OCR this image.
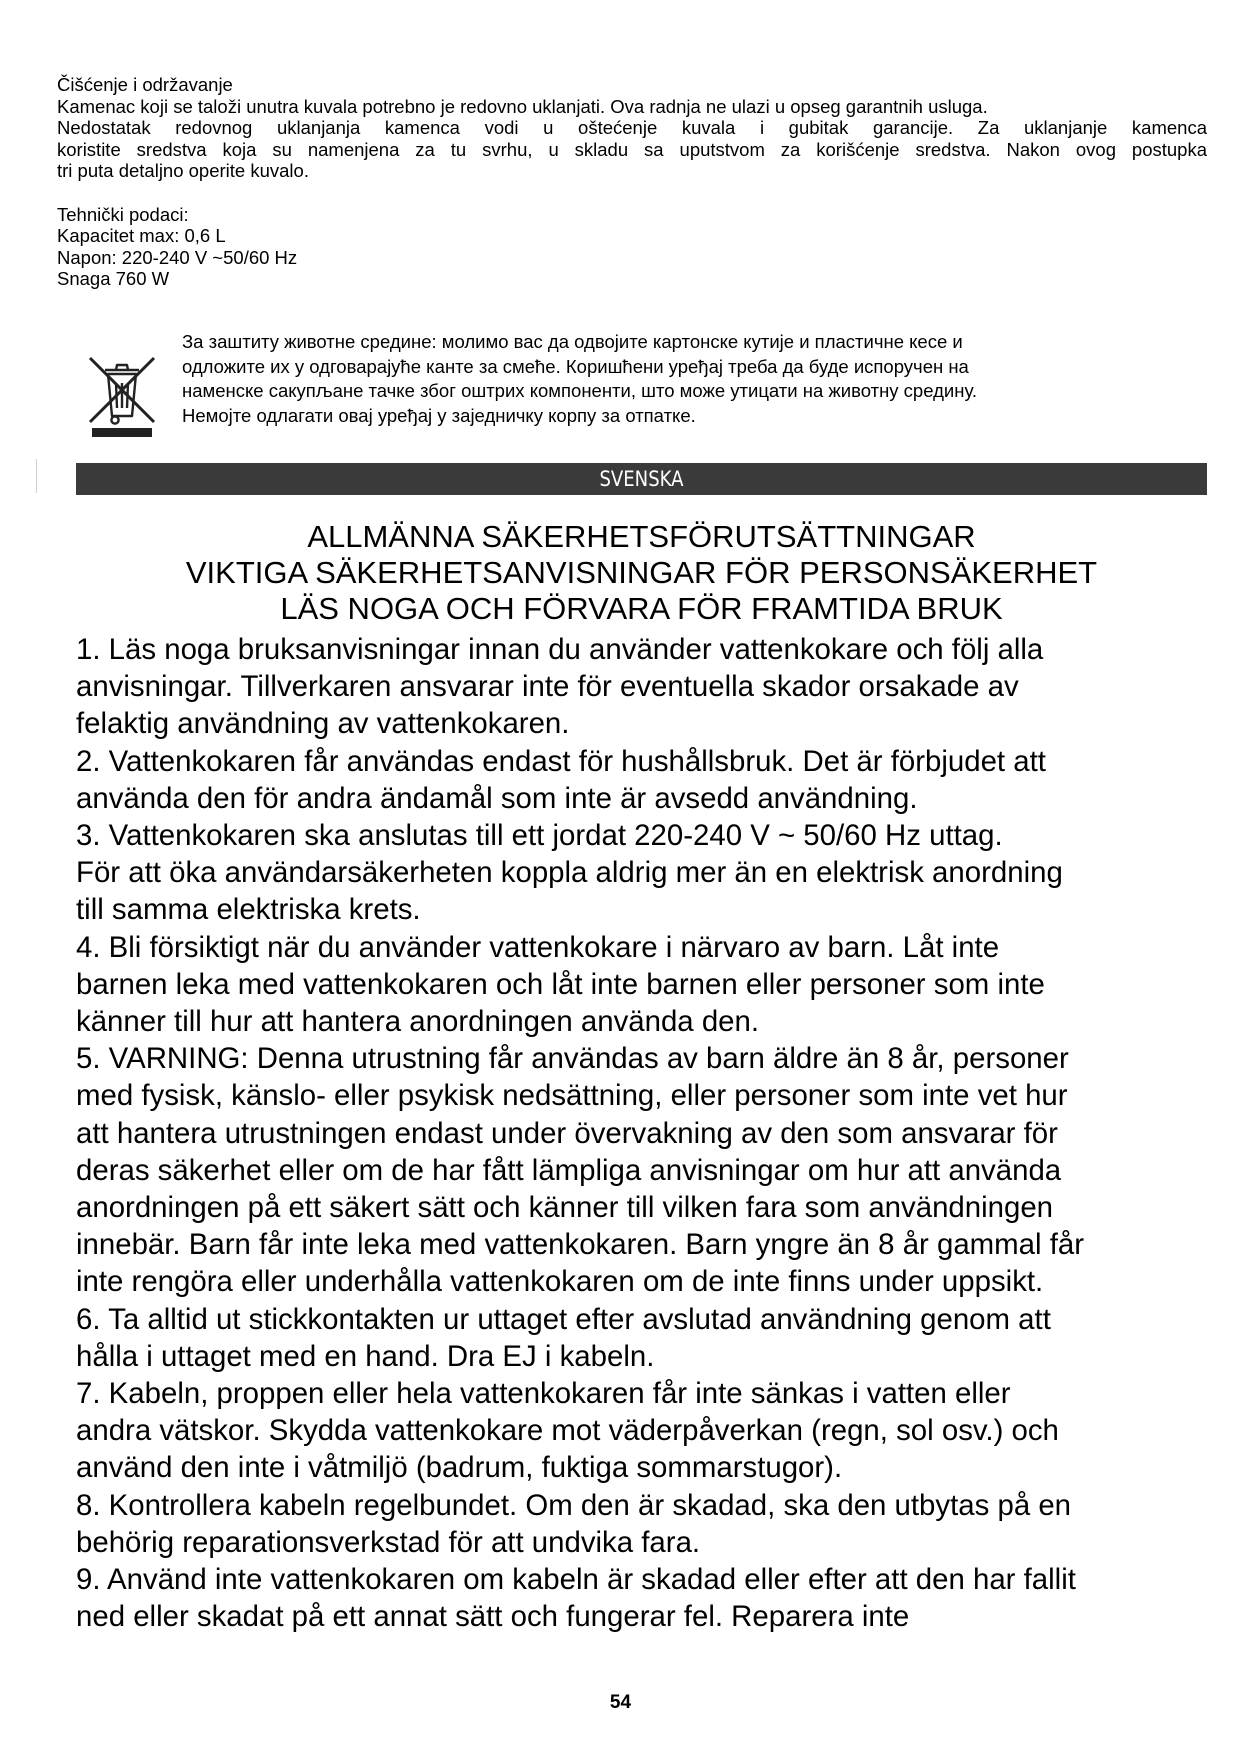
Čišćenje i održavanje

Kamenac koji se taloži unutra kuvala potrebno je redovno uklanjati. Ova radnja ne ulazi u opseg garantnih usluga.

Nedostatak redovnog uklanjanja kamenca vodi u oštećenje kuvala i gubitak garancije. Za uklanjanje kamenca

koristite sredstva koja su namenjena za tu svrhu, u skladu sa uputstvom za korišćenje sredstva. Nakon ovog postupka

tri puta detaljno operite kuvalo.

Tehnički podaci:

Kapacitet max: 0,6 L

Napon: 220-240 V ~50/60 Hz

Snaga 760 W

За заштиту животне средине: молимо вас да одвојите картонске кутије и пластичне кесе и

одложите их у одговарајуће канте за смеће. Коришћени уређај треба да буде испоручен на

наменске сакупљане тачке због оштрих компоненти, што може утицати на животну средину.

Немојте одлагати овај уређај у заједничку корпу за отпатке.

SVENSKA
ALLMÄNNA SÄKERHETSFÖRUTSÄTTNINGAR
VIKTIGA SÄKERHETSANVISNINGAR FÖR PERSONSÄKERHET
LÄS NOGA OCH FÖRVARA FÖR FRAMTIDA BRUK

1. Läs noga bruksanvisningar innan du använder vattenkokare och följ alla

anvisningar. Tillverkaren ansvarar inte för eventuella skador orsakade av

felaktig användning av vattenkokaren.

2. Vattenkokaren får användas endast för hushållsbruk. Det är förbjudet att

använda den för andra ändamål som inte är avsedd användning.

3. Vattenkokaren ska anslutas till ett jordat 220-240 V ~ 50/60 Hz uttag.

För att öka användarsäkerheten koppla aldrig mer än en elektrisk anordning

till samma elektriska krets.

4. Bli försiktigt när du använder vattenkokare i närvaro av barn. Låt inte

barnen leka med vattenkokaren och låt inte barnen eller personer som inte

känner till hur att hantera anordningen använda den.

5. VARNING: Denna utrustning får användas av barn äldre än 8 år, personer

med fysisk, känslo- eller psykisk nedsättning, eller personer som inte vet hur

att hantera utrustningen endast under övervakning av den som ansvarar för

deras säkerhet eller om de har fått lämpliga anvisningar om hur att använda

anordningen på ett säkert sätt och känner till vilken fara som användningen

innebär. Barn får inte leka med vattenkokaren. Barn yngre än 8 år gammal får

inte rengöra eller underhålla vattenkokaren om de inte finns under uppsikt.

6. Ta alltid ut stickkontakten ur uttaget efter avslutad användning genom att

hålla i uttaget med en hand. Dra EJ i kabeln.

7. Kabeln, proppen eller hela vattenkokaren får inte sänkas i vatten eller

andra vätskor. Skydda vattenkokare mot väderpåverkan (regn, sol osv.) och

använd den inte i våtmiljö (badrum, fuktiga sommarstugor).

8. Kontrollera kabeln regelbundet. Om den är skadad, ska den utbytas på en

behörig reparationsverkstad för att undvika fara.

9. Använd inte vattenkokaren om kabeln är skadad eller efter att den har fallit

ned eller skadat på ett annat sätt och fungerar fel. Reparera inte

54
